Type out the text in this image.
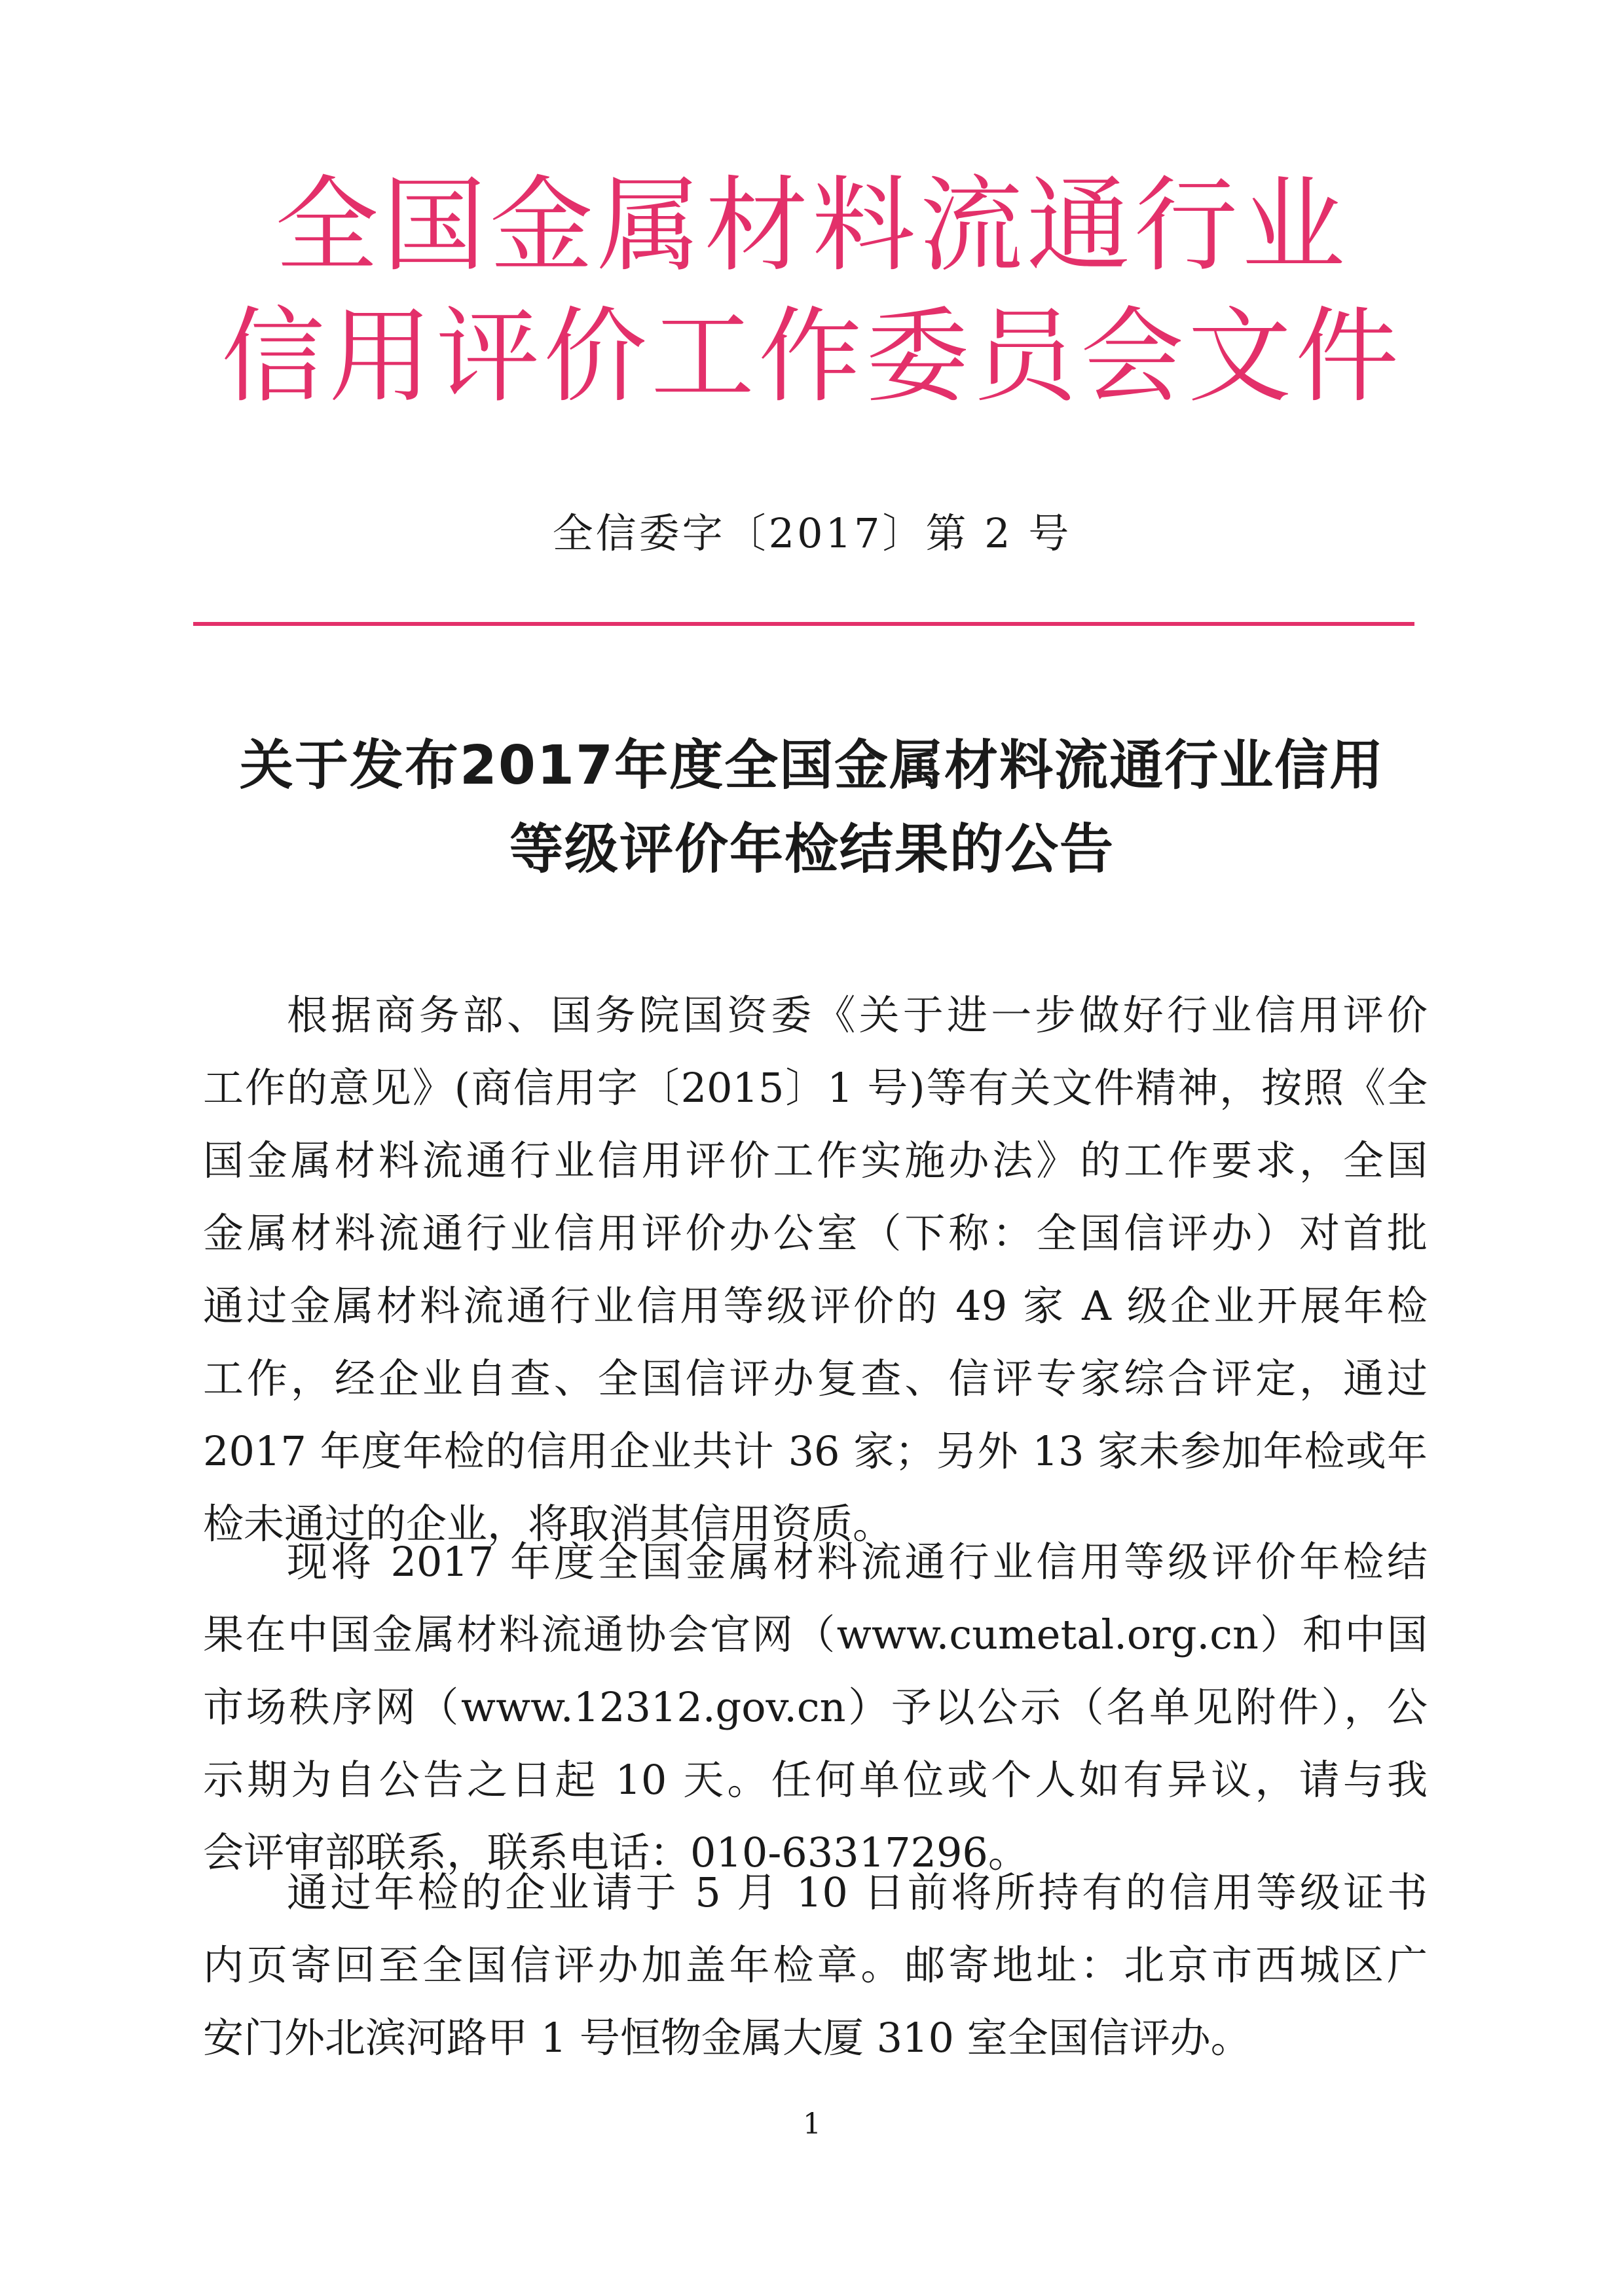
全国金属材料流通行业
信用评价工作委员会文件
全信委字〔2017〕第 2 号
关于发布2017年度全国金属材料流通行业信用
等级评价年检结果的公告
根据商务部、国务院国资委《关于进一步做好行业信用评价
工作的意见》(商信用字〔2015〕1 号)等有关文件精神，按照《全
国金属材料流通行业信用评价工作实施办法》的工作要求，全国
金属材料流通行业信用评价办公室（下称：全国信评办）对首批
通过金属材料流通行业信用等级评价的 49 家 A 级企业开展年检
工作，经企业自查、全国信评办复查、信评专家综合评定，通过
2017 年度年检的信用企业共计 36 家；另外 13 家未参加年检或年
检未通过的企业，将取消其信用资质。
现将 2017 年度全国金属材料流通行业信用等级评价年检结
果在中国金属材料流通协会官网（www.cumetal.org.cn）和中国
市场秩序网（www.12312.gov.cn）予以公示（名单见附件），公
示期为自公告之日起 10 天。任何单位或个人如有异议，请与我
会评审部联系，联系电话：010-63317296。
通过年检的企业请于 5 月 10 日前将所持有的信用等级证书
内页寄回至全国信评办加盖年检章。邮寄地址：北京市西城区广
安门外北滨河路甲 1 号恒物金属大厦 310 室全国信评办。
1
